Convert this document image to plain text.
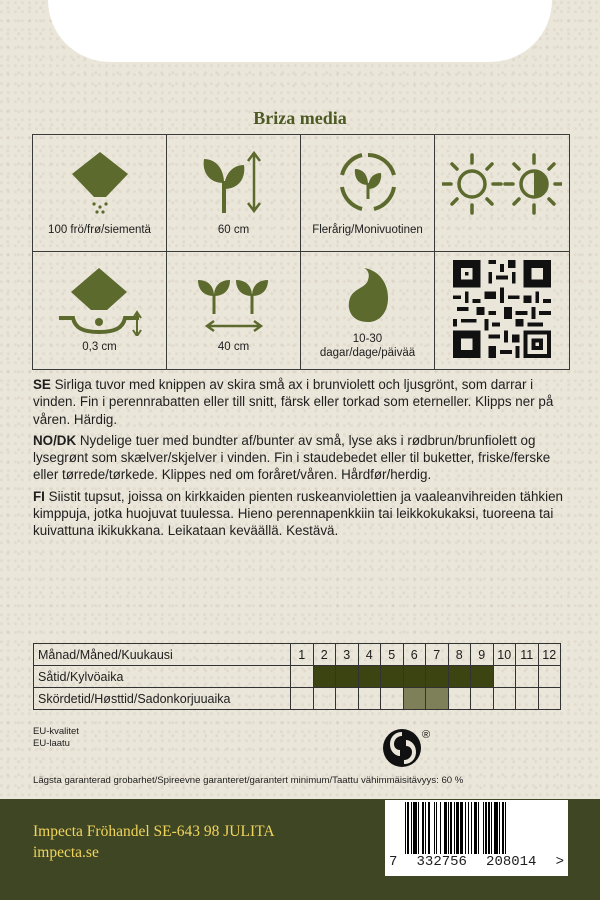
Briza media
100 frö/frø/siementä	60 cm	Flerårig/Monivuotinen
0,3 cm	40 cm
10-30
dagar/dage/päivää

SE Sirliga tuvor med knippen av skira små ax i brunviolett och ljusgrönt, som darrar i vinden. Fin i perennrabatten eller till snitt, färsk eller torkad som eterneller. Klipps ner på våren. Härdig.

NO/DK Nydelige tuer med bundter af/bunter av små, lyse aks i rødbrun/brunfiolett og lysegrønt som skælver/skjelver i vinden. Fin i staudebedet eller til buketter, friske/ferske eller tørrede/tørkede. Klippes ned om foråret/våren. Hårdfør/herdig.

FI Siistit tupsut, joissa on kirkkaiden pienten ruskeanviolettien ja vaaleanvihreiden tähkien kimppuja, jotka huojuvat tuulessa. Hieno perennapenkkiin tai leikkokukaksi, tuoreena tai kuivattuna ikikukkana. Leikataan keväällä. Kestävä.

Månad/Måned/Kuukausi	1	2	3	4	5	6	7	8	9	10	11	12
Såtid/Kylvöaika												
Skördetid/Høsttid/Sadonkorjuuaika												
EU-kvalitet
EU-laatu
®
Lägsta garanterad grobarhet/Spireevne garanteret/garantert minimum/Taattu vähimmäisitävyys: 60 %
Impecta Fröhandel SE-643 98 JULITA
impecta.se
7 332756 208014 >
